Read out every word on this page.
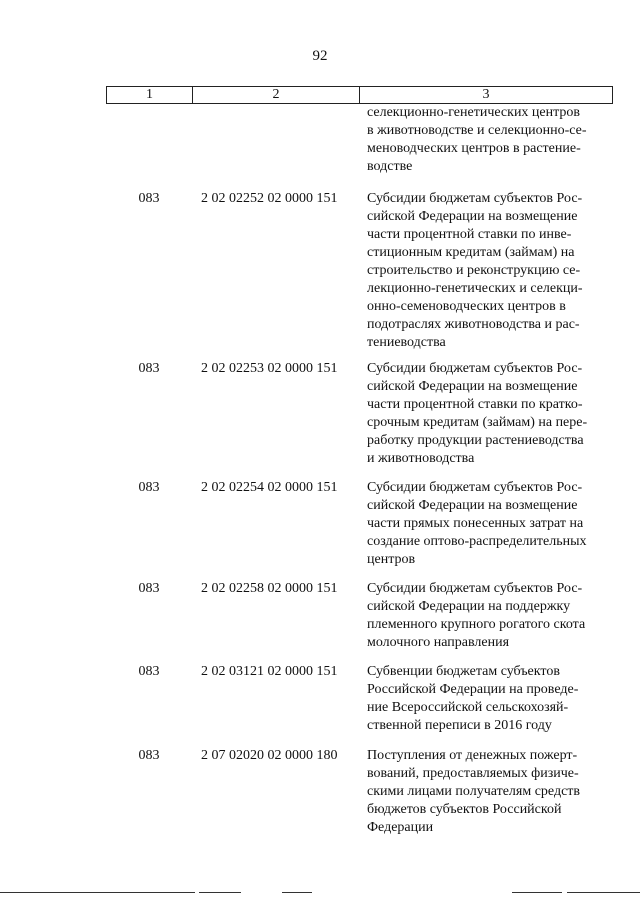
92
1	2	3
селекционно-генетических центров
в животноводстве и селекционно-се-
меноводческих центров в растение-
водстве
083	2 02 02252 02 0000 151 Субсидии бюджетам субъектов Рос-
сийской Федерации на возмещение
части процентной ставки по инве-
стиционным кредитам (займам) на
строительство и реконструкцию се-
лекционно-генетических и селекци-
онно-семеноводческих центров в
подотраслях животноводства и рас-
тениеводства
083	2 02 02253 02 0000 151 Субсидии бюджетам субъектов Рос-
сийской Федерации на возмещение
части процентной ставки по кратко-
срочным кредитам (займам) на пере-
работку продукции растениеводства
и животноводства
083	2 02 02254 02 0000 151 Субсидии бюджетам субъектов Рос-
сийской Федерации на возмещение
части прямых понесенных затрат на
создание оптово-распределительных
центров
083	2 02 02258 02 0000 151 Субсидии бюджетам субъектов Рос-
сийской Федерации на поддержку
племенного крупного рогатого скота
молочного направления
083	2 02 03121 02 0000 151 Субвенции бюджетам субъектов
Российской Федерации на проведе-
ние Всероссийской сельскохозяй-
ственной переписи в 2016 году
083	2 07 02020 02 0000 180 Поступления от денежных пожерт-
вований, предоставляемых физиче-
скими лицами получателям средств
бюджетов субъектов Российской
Федерации
